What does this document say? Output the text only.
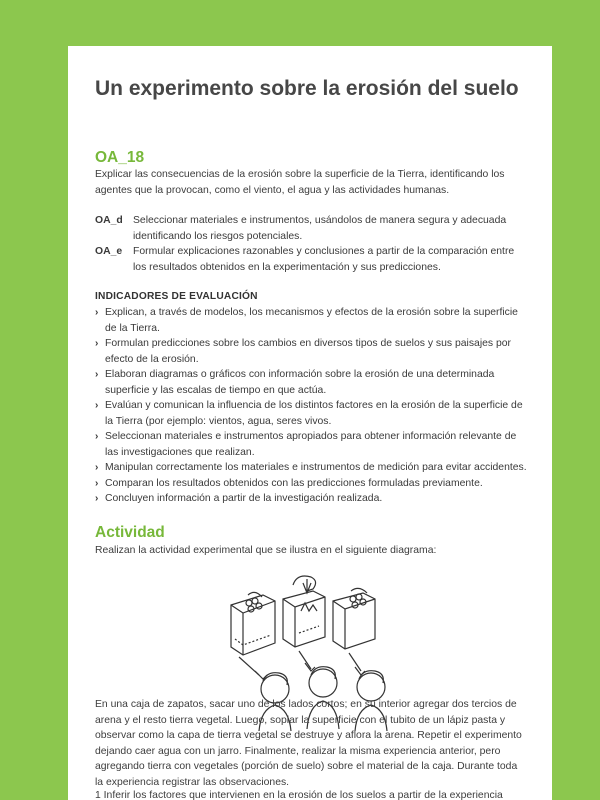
Un experimento sobre la erosión del suelo
OA_18

Explicar las consecuencias de la erosión sobre la superficie de la Tierra, identificando los agentes que la provocan, como el viento, el agua y las actividades humanas.

OA_d Seleccionar materiales e instrumentos, usándolos de manera segura y adecuada identificando los riesgos potenciales.
OA_e	Formular explicaciones razonables y conclusiones a partir de la comparación entre los resultados obtenidos en la experimentación y sus predicciones.
INDICADORES DE EVALUACIÓN
› Explican, a través de modelos, los mecanismos y efectos de la erosión sobre la superficie de la Tierra.
› Formulan predicciones sobre los cambios en diversos tipos de suelos y sus paisajes por efecto de la erosión.
› Elaboran diagramas o gráficos con información sobre la erosión de una determinada superficie y las escalas de tiempo en que actúa.
› Evalúan y comunican la influencia de los distintos factores en la erosión de la superficie de la Tierra (por ejemplo: vientos, agua, seres vivos.
› Seleccionan materiales e instrumentos apropiados para obtener información relevante de las investigaciones que realizan.
› Manipulan correctamente los materiales e instrumentos de medición para evitar accidentes.
› Comparan los resultados obtenidos con las predicciones formuladas previamente.
› Concluyen información a partir de la investigación realizada.
Actividad

Realizan la actividad experimental que se ilustra en el siguiente diagrama:

En una caja de zapatos, sacar uno de los lados cortos; en su interior agregar dos tercios de arena y el resto tierra vegetal. Luego, soplar la superficie con el tubito de un lápiz pasta y observar como la capa de tierra vegetal se destruye y aflora la arena. Repetir el experimento dejando caer agua con un jarro. Finalmente, realizar la misma experiencia anterior, pero agregando tierra con vegetales (porción de suelo) sobre el material de la caja. Durante toda la experiencia registrar las observaciones.

1 Inferir los factores que intervienen en la erosión de los suelos a partir de la experiencia
